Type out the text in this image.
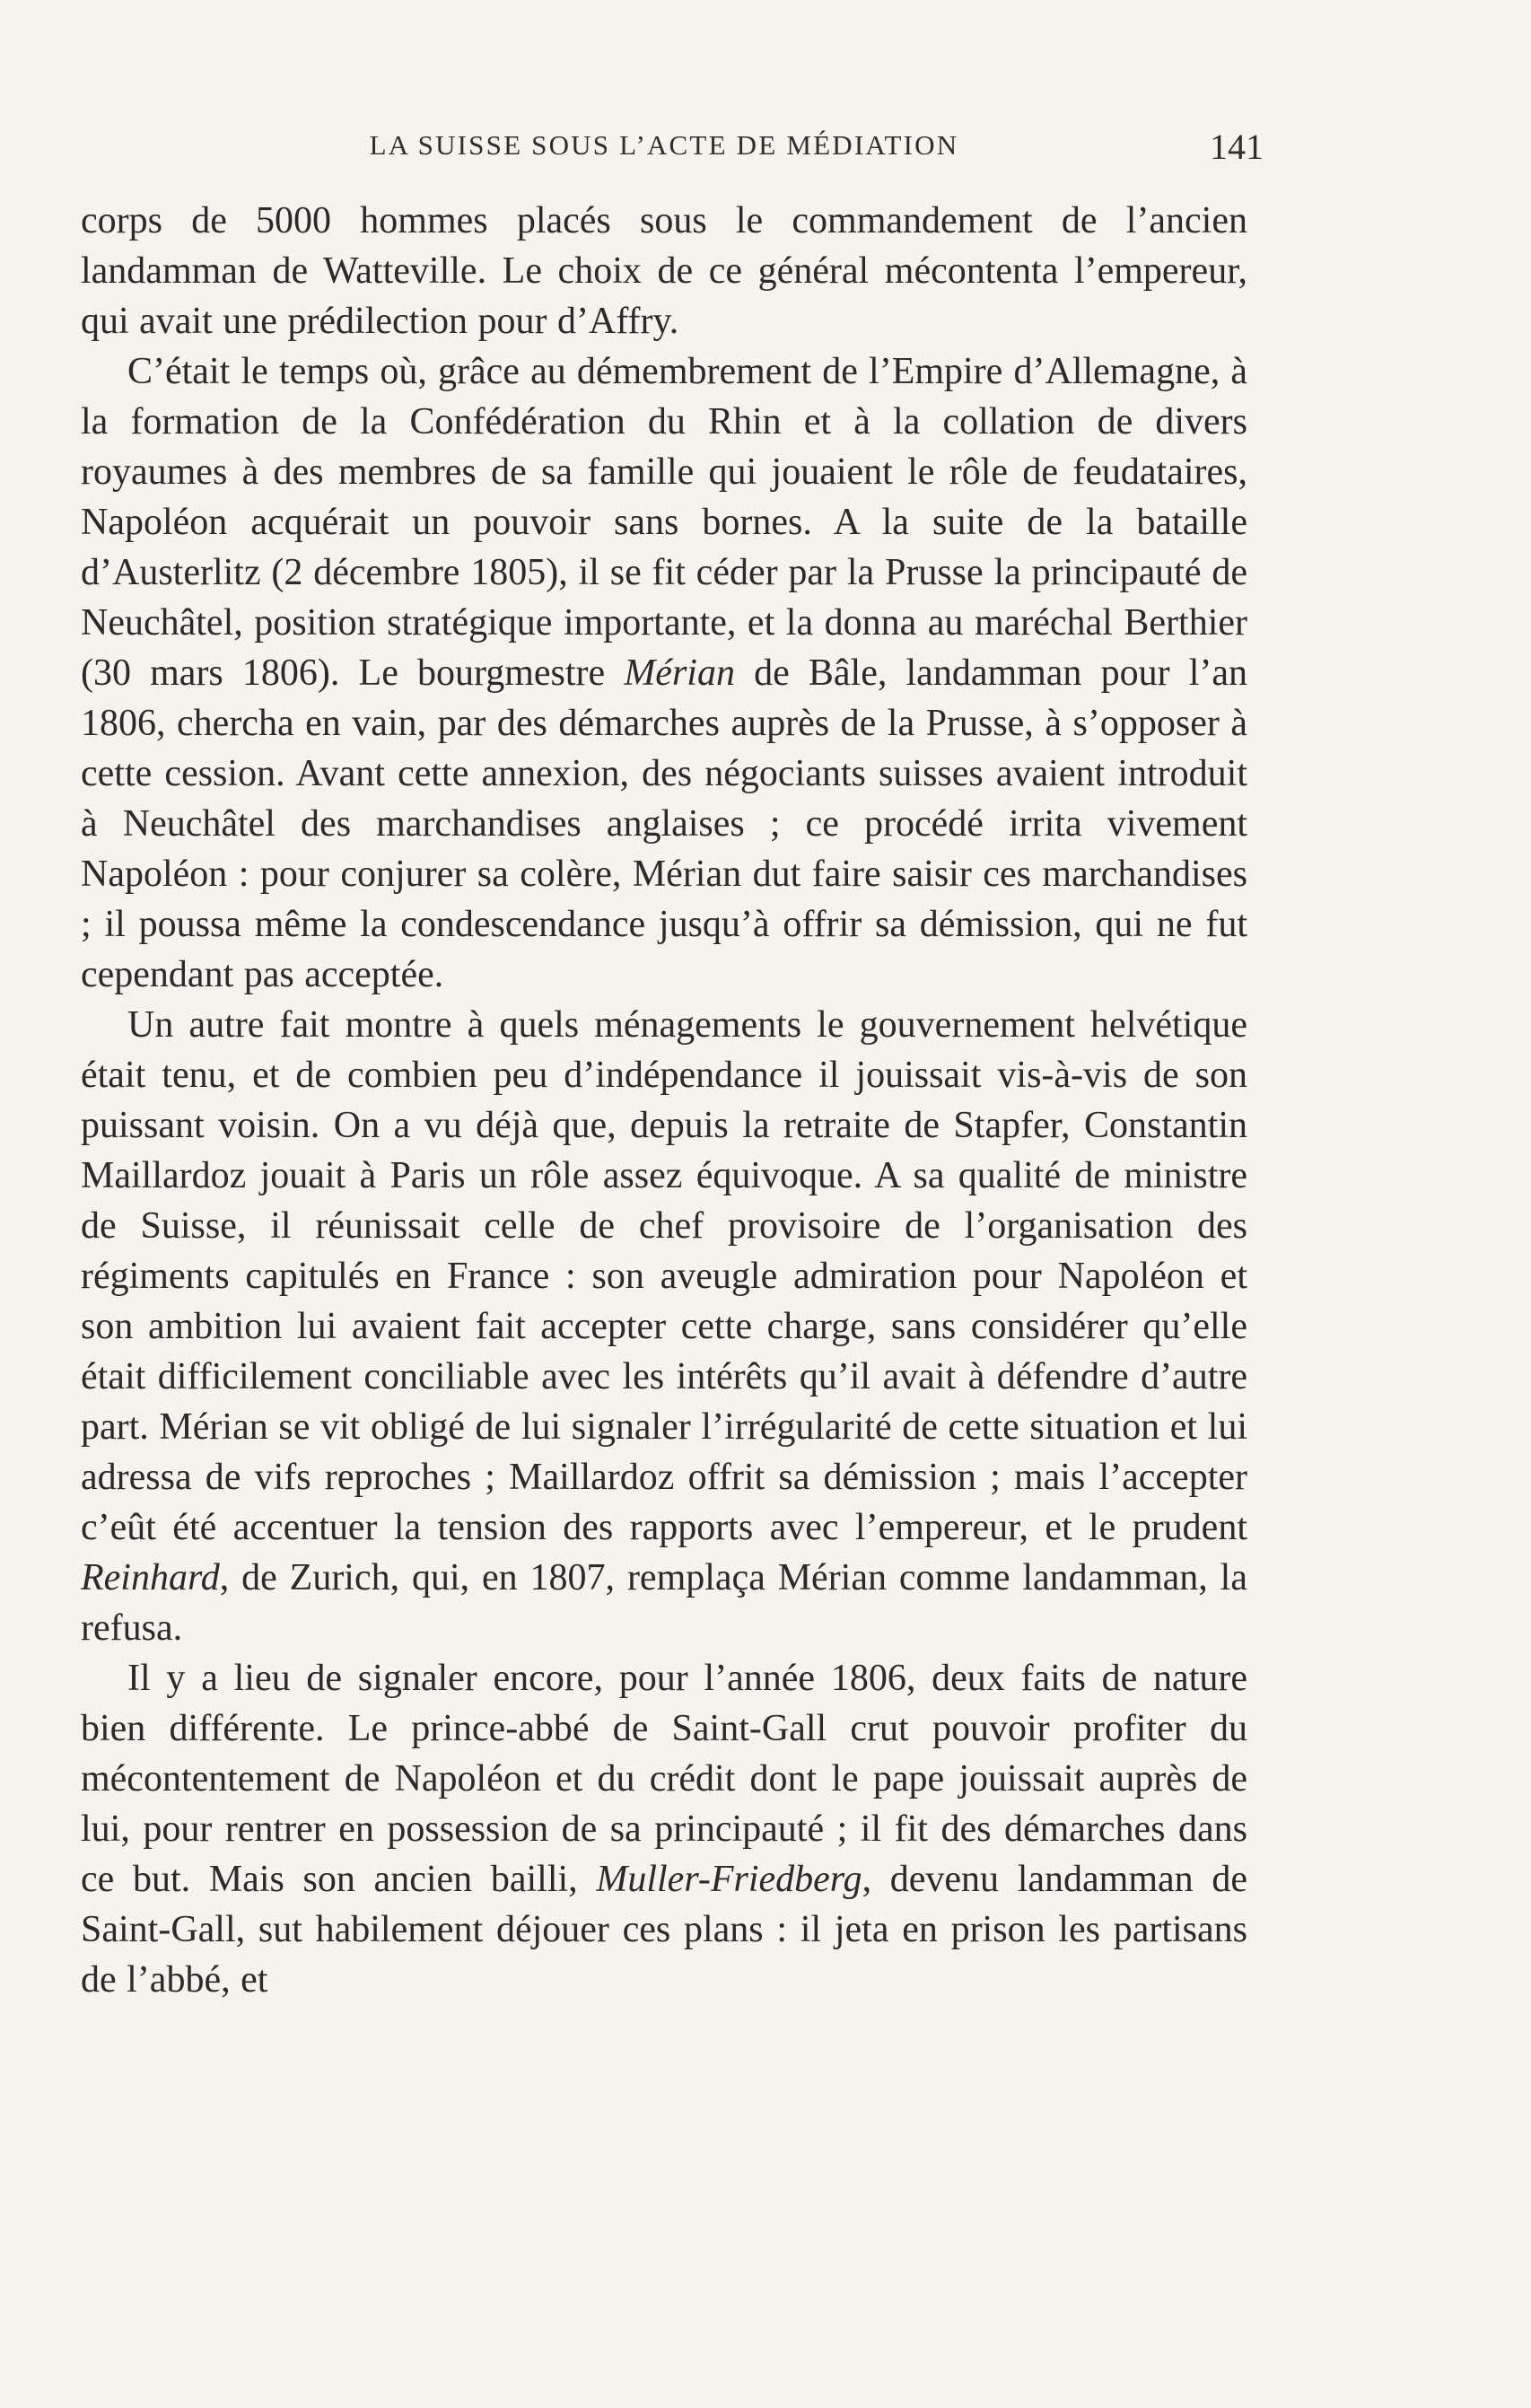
LA SUISSE SOUS L’ACTE DE MÉDIATION	141

corps de 5000 hommes placés sous le commandement de l’ancien landamman de Watteville. Le choix de ce général mécontenta l’empereur, qui avait une prédilection pour d’Affry.

C’était le temps où, grâce au démembrement de l’Empire d’Allemagne, à la formation de la Confédération du Rhin et à la collation de divers royaumes à des membres de sa famille qui jouaient le rôle de feudataires, Napoléon acquérait un pouvoir sans bornes. A la suite de la bataille d’Austerlitz (2 décembre 1805), il se fit céder par la Prusse la principauté de Neuchâtel, position stratégique importante, et la donna au maréchal Berthier (30 mars 1806). Le bourgmestre Mérian de Bâle, landamman pour l’an 1806, chercha en vain, par des démarches auprès de la Prusse, à s’opposer à cette cession. Avant cette annexion, des négociants suisses avaient introduit à Neuchâtel des marchandises anglaises ; ce procédé irrita vivement Napoléon : pour conjurer sa colère, Mérian dut faire saisir ces marchandises ; il poussa même la condescendance jusqu’à offrir sa démission, qui ne fut cependant pas acceptée.

Un autre fait montre à quels ménagements le gouvernement helvétique était tenu, et de combien peu d’indépendance il jouissait vis-à-vis de son puissant voisin. On a vu déjà que, depuis la retraite de Stapfer, Constantin Maillardoz jouait à Paris un rôle assez équivoque. A sa qualité de ministre de Suisse, il réunissait celle de chef provisoire de l’organisation des régiments capitulés en France : son aveugle admiration pour Napoléon et son ambition lui avaient fait accepter cette charge, sans considérer qu’elle était difficilement conciliable avec les intérêts qu’il avait à défendre d’autre part. Mérian se vit obligé de lui signaler l’irrégularité de cette situation et lui adressa de vifs reproches ; Maillardoz offrit sa démission ; mais l’accepter c’eût été accentuer la tension des rapports avec l’empereur, et le prudent Reinhard, de Zurich, qui, en 1807, remplaça Mérian comme landamman, la refusa.

Il y a lieu de signaler encore, pour l’année 1806, deux faits de nature bien différente. Le prince-abbé de Saint-Gall crut pouvoir profiter du mécontentement de Napoléon et du crédit dont le pape jouissait auprès de lui, pour rentrer en possession de sa principauté ; il fit des démarches dans ce but. Mais son ancien bailli, Muller-Friedberg, devenu landamman de Saint-Gall, sut habilement déjouer ces plans : il jeta en prison les partisans de l’abbé, et
